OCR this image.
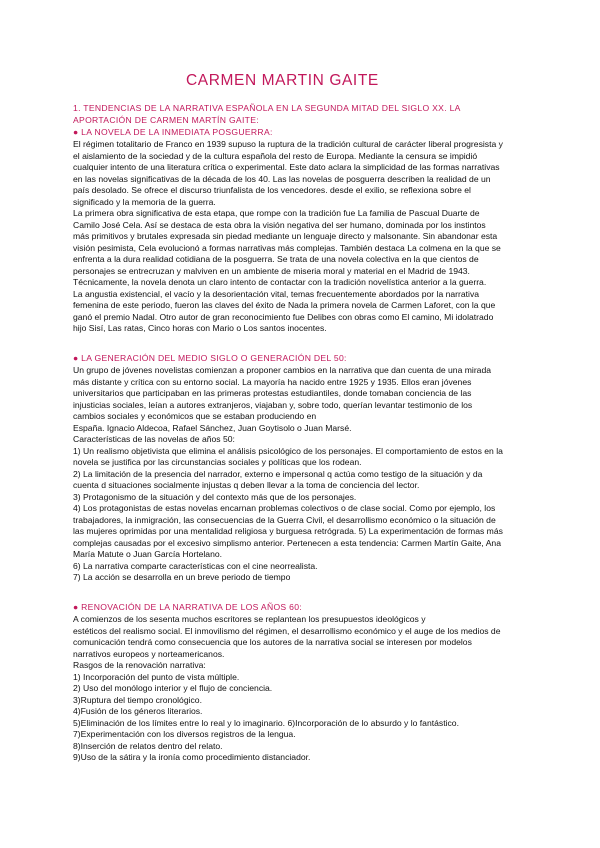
CARMEN MARTIN GAITE
1. TENDENCIAS DE LA NARRATIVA ESPAÑOLA EN LA SEGUNDA MITAD DEL SIGLO XX. LA
APORTACIÓN DE CARMEN MARTÍN GAITE:
● LA NOVELA DE LA INMEDIATA POSGUERRA:
El régimen totalitario de Franco en 1939 supuso la ruptura de la tradición cultural de carácter liberal progresista y
el aislamiento de la sociedad y de la cultura española del resto de Europa. Mediante la censura se impidió
cualquier intento de una literatura crítica o experimental. Este dato aclara la simplicidad de las formas narrativas
en las novelas significativas de la década de los 40. Las las novelas de posguerra describen la realidad de un
país desolado. Se ofrece el discurso triunfalista de los vencedores. desde el exilio, se reflexiona sobre el
significado y la memoria de la guerra.
La primera obra significativa de esta etapa, que rompe con la tradición fue La familia de Pascual Duarte de
Camilo José Cela. Así se destaca de esta obra la visión negativa del ser humano, dominada por los instintos
más primitivos y brutales expresada sin piedad mediante un lenguaje directo y malsonante. Sin abandonar esta
visión pesimista, Cela evolucionó a formas narrativas más complejas. También destaca La colmena en la que se
enfrenta a la dura realidad cotidiana de la posguerra. Se trata de una novela colectiva en la que cientos de
personajes se entrecruzan y malviven en un ambiente de miseria moral y material en el Madrid de 1943.
Técnicamente, la novela denota un claro intento de contactar con la tradición novelística anterior a la guerra.
La angustia existencial, el vacío y la desorientación vital, temas frecuentemente abordados por la narrativa
femenina de este periodo, fueron las claves del éxito de Nada la primera novela de Carmen Laforet, con la que
ganó el premio Nadal. Otro autor de gran reconocimiento fue Delibes con obras como El camino, Mi idolatrado
hijo Sisí, Las ratas, Cinco horas con Mario o Los santos inocentes.
● LA GENERACIÓN DEL MEDIO SIGLO O GENERACIÓN DEL 50:
Un grupo de jóvenes novelistas comienzan a proponer cambios en la narrativa que dan cuenta de una mirada
más distante y crítica con su entorno social. La mayoría ha nacido entre 1925 y 1935. Ellos eran jóvenes
universitarios que participaban en las primeras protestas estudiantiles, donde tomaban conciencia de las
injusticias sociales, leían a autores extranjeros, viajaban y, sobre todo, querían levantar testimonio de los
cambios sociales y económicos que se estaban produciendo en
España. Ignacio Aldecoa, Rafael Sánchez, Juan Goytisolo o Juan Marsé.
Características de las novelas de años 50:
1) Un realismo objetivista que elimina el análisis psicológico de los personajes. El comportamiento de estos en la
novela se justifica por las circunstancias sociales y políticas que los rodean.
2) La limitación de la presencia del narrador, externo e impersonal q actúa como testigo de la situación y da
cuenta d situaciones socialmente injustas q deben llevar a la toma de conciencia del lector.
3) Protagonismo de la situación y del contexto más que de los personajes.
4) Los protagonistas de estas novelas encarnan problemas colectivos o de clase social. Como por ejemplo, los
trabajadores, la inmigración, las consecuencias de la Guerra Civil, el desarrollismo económico o la situación de
las mujeres oprimidas por una mentalidad religiosa y burguesa retrógrada. 5) La experimentación de formas más
complejas causadas por el excesivo simplismo anterior. Pertenecen a esta tendencia: Carmen Martín Gaite, Ana
María Matute o Juan García Hortelano.
6) La narrativa comparte características con el cine neorrealista.
7) La acción se desarrolla en un breve periodo de tiempo
● RENOVACIÓN DE LA NARRATIVA DE LOS AÑOS 60:
A comienzos de los sesenta muchos escritores se replantean los presupuestos ideológicos y
estéticos del realismo social. El inmovilismo del régimen, el desarrollismo económico y el auge de los medios de
comunicación tendrá como consecuencia que los autores de la narrativa social se interesen por modelos
narrativos europeos y norteamericanos.
Rasgos de la renovación narrativa:
1) Incorporación del punto de vista múltiple.
2) Uso del monólogo interior y el flujo de conciencia.
3)Ruptura del tiempo cronológico.
4)Fusión de los géneros literarios.
5)Eliminación de los límites entre lo real y lo imaginario. 6)Incorporación de lo absurdo y lo fantástico.
7)Experimentación con los diversos registros de la lengua.
8)Inserción de relatos dentro del relato.
9)Uso de la sátira y la ironía como procedimiento distanciador.
